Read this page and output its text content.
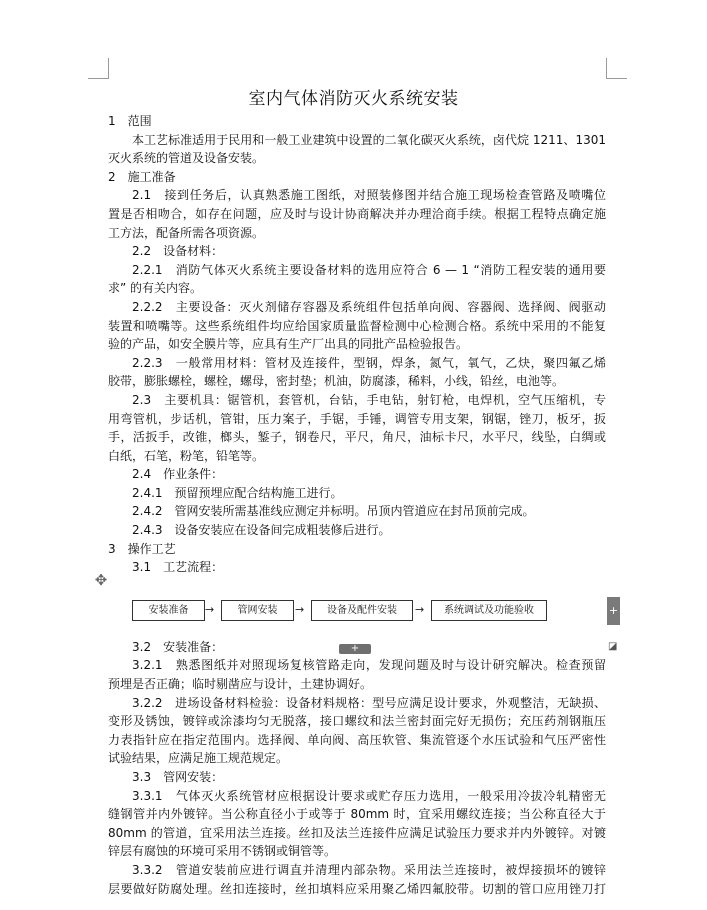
室内气体消防灭火系统安装
1　范围
本工艺标准适用于民用和一般工业建筑中设置的二氧化碳灭火系统，卤代烷 1211、1301
灭火系统的管道及设备安装。
2　施工准备
2.1　接到任务后，认真熟悉施工图纸，对照装修图并结合施工现场检查管路及喷嘴位
置是否相吻合，如存在问题，应及时与设计协商解决并办理洽商手续。根据工程特点确定施
工方法，配备所需各项资源。
2.2　设备材料：
2.2.1　消防气体灭火系统主要设备材料的选用应符合 6 — 1 “消防工程安装的通用要
求” 的有关内容。
2.2.2　主要设备：灭火剂储存容器及系统组件包括单向阀、容器阀、选择阀、阀驱动
装置和喷嘴等。这些系统组件均应给国家质量监督检测中心检测合格。系统中采用的不能复
验的产品，如安全膜片等，应具有生产厂出具的同批产品检验报告。
2.2.3　一般常用材料：管材及连接件，型钢，焊条，氮气，氧气，乙炔，聚四氟乙烯
胶带，膨胀螺栓，螺栓，螺母，密封垫；机油，防腐漆，稀料，小线，铅丝，电池等。
2.3　主要机具：锯管机，套管机，台钻，手电钻，射钉枪，电焊机，空气压缩机，专
用弯管机，步话机，管钳，压力案子，手锯，手锤，调管专用支架，钢锯，锉刀，板牙，扳
手，活扳手，改锥，榔头，錾子，钢卷尺，平尺，角尺，油标卡尺，水平尺，线坠，白绸或
白纸，石笔，粉笔，铅笔等。
2.4　作业条件：
2.4.1　预留预埋应配合结构施工进行。
2.4.2　管网安装所需基准线应测定并标明。吊顶内管道应在封吊顶前完成。
2.4.3　设备安装应在设备间完成粗装修后进行。
3　操作工艺
3.1　工艺流程：
安装准备	→	管网安装	→	设备及配件安装	→	系统调试及功能验收
3.2　安装准备：
3.2.1　熟悉图纸并对照现场复核管路走向，发现问题及时与设计研究解决。检查预留
预埋是否正确；临时剔凿应与设计，土建协调好。
3.2.2　进场设备材料检验：设备材料规格：型号应满足设计要求，外观整洁，无缺损、
变形及锈蚀，镀锌或涂漆均匀无脱落，接口螺纹和法兰密封面完好无损伤；充压药剂钢瓶压
力表指针应在指定范围内。选择阀、单向阀、高压软管、集流管逐个水压试验和气压严密性
试验结果，应满足施工规范规定。
3.3　管网安装：
3.3.1　气体灭火系统管材应根据设计要求或贮存压力选用，一般采用冷拔冷轧精密无
缝钢管并内外镀锌。当公称直径小于或等于 80mm 时，宜采用螺纹连接；当公称直径大于
80mm 的管道，宜采用法兰连接。丝扣及法兰连接件应满足试验压力要求并内外镀锌。对镀
锌层有腐蚀的环境可采用不锈钢或铜管等。
3.3.2　管道安装前应进行调直并清理内部杂物。采用法兰连接时，被焊接损坏的镀锌
层要做好防腐处理。丝扣连接时，丝扣填料应采用聚乙烯四氟胶带。切割的管口应用锉刀打
✥
+
+	◪
